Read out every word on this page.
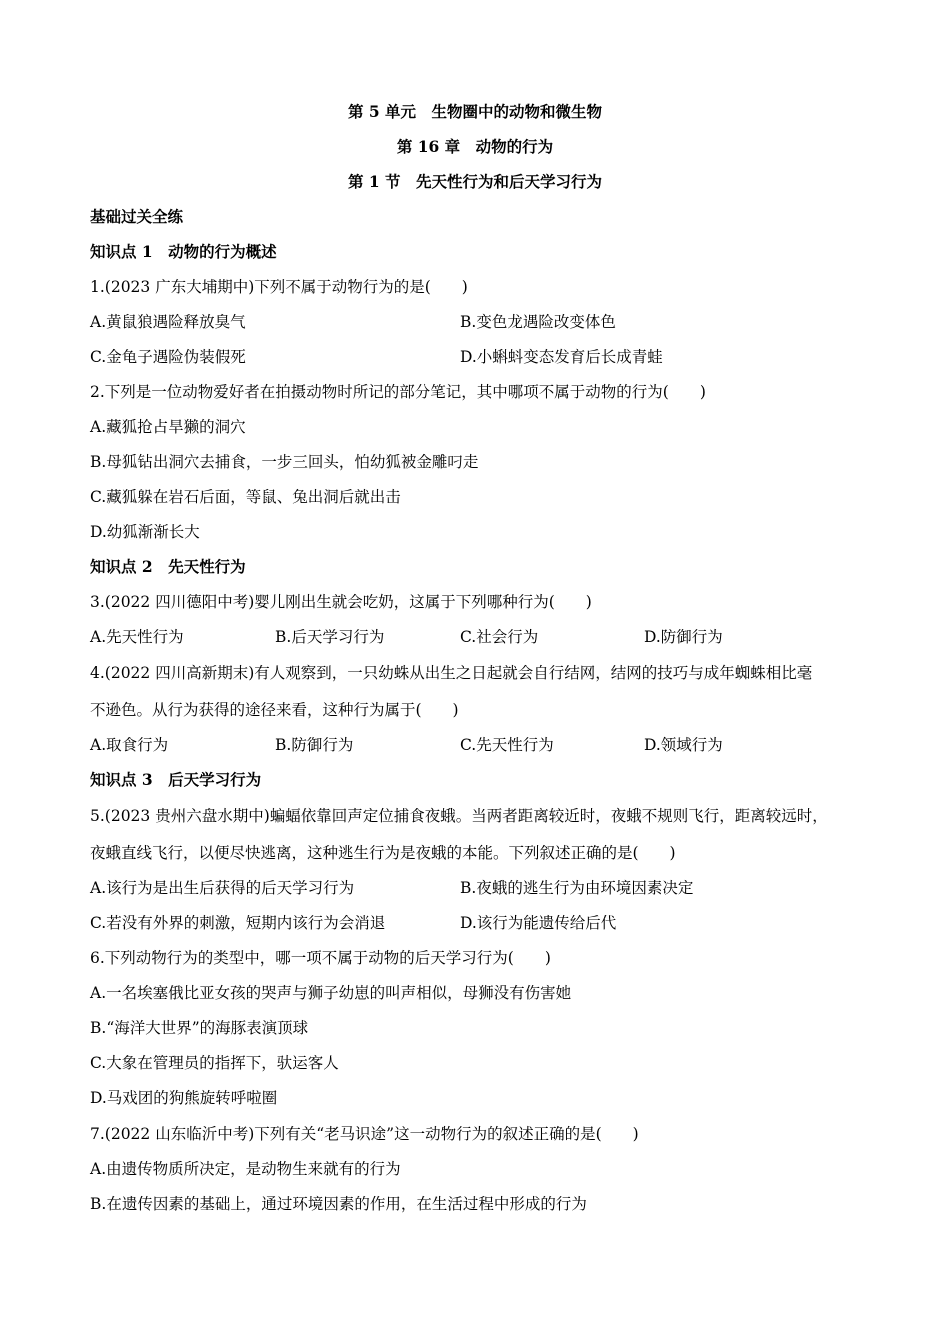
第 5 单元　生物圈中的动物和微生物
第 16 章　动物的行为
第 1 节　先天性行为和后天学习行为
基础过关全练
知识点 1　动物的行为概述
1.(2023 广东大埔期中)下列不属于动物行为的是(　　)
A.黄鼠狼遇险释放臭气	B.变色龙遇险改变体色
C.金龟子遇险伪装假死	D.小蝌蚪变态发育后长成青蛙
2.下列是一位动物爱好者在拍摄动物时所记的部分笔记，其中哪项不属于动物的行为(　　)
A.藏狐抢占旱獭的洞穴
B.母狐钻出洞穴去捕食，一步三回头，怕幼狐被金雕叼走
C.藏狐躲在岩石后面，等鼠、兔出洞后就出击
D.幼狐渐渐长大
知识点 2　先天性行为
3.(2022 四川德阳中考)婴儿刚出生就会吃奶，这属于下列哪种行为(　　)
A.先天性行为	B.后天学习行为	C.社会行为	D.防御行为
4.(2022 四川高新期末)有人观察到，一只幼蛛从出生之日起就会自行结网，结网的技巧与成年蜘蛛相比毫
不逊色。从行为获得的途径来看，这种行为属于(　　)
A.取食行为	B.防御行为	C.先天性行为	D.领域行为
知识点 3　后天学习行为
5.(2023 贵州六盘水期中)蝙蝠依靠回声定位捕食夜蛾。当两者距离较近时，夜蛾不规则飞行，距离较远时，
夜蛾直线飞行，以便尽快逃离，这种逃生行为是夜蛾的本能。下列叙述正确的是(　　)
A.该行为是出生后获得的后天学习行为	B.夜蛾的逃生行为由环境因素决定
C.若没有外界的刺激，短期内该行为会消退	D.该行为能遗传给后代
6.下列动物行为的类型中，哪一项不属于动物的后天学习行为(　　)
A.一名埃塞俄比亚女孩的哭声与狮子幼崽的叫声相似，母狮没有伤害她
B.“海洋大世界”的海豚表演顶球
C.大象在管理员的指挥下，驮运客人
D.马戏团的狗熊旋转呼啦圈
7.(2022 山东临沂中考)下列有关“老马识途”这一动物行为的叙述正确的是(　　)
A.由遗传物质所决定，是动物生来就有的行为
B.在遗传因素的基础上，通过环境因素的作用，在生活过程中形成的行为
